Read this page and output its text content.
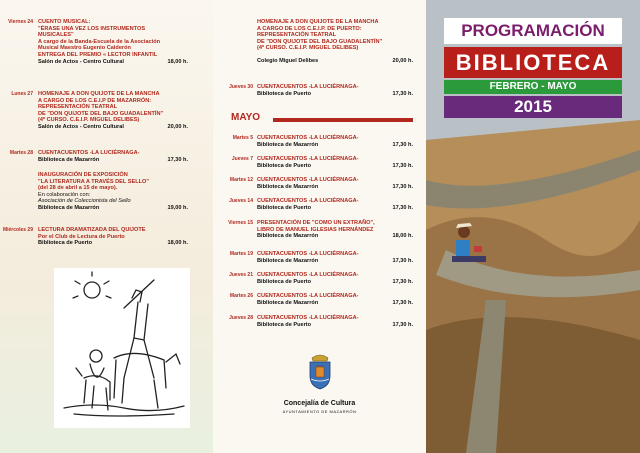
Viernes 24 CUENTO MUSICAL:
"ÉRASE UNA VEZ LOS INSTRUMENTOS
MUSICALES"
A cargo de la Banda-Escuela de la Asociación
Musical Maestro Eugenio Calderón
ENTREGA DEL PREMIO « LECTOR INFANTIL
Salón de Actos - Centro Cultural	18,00 h.
Lunes 27 HOMENAJE A DON QUIJOTE DE LA MANCHA
A CARGO DE LOS C.E.I.P DE MAZARRÓN:
REPRESENTACIÓN TEATRAL
DE "DON QUIJOTE DEL BAJO GUADALENTÍN"
(4º CURSO. C.E.I.P. MIGUEL DELIBES)
Salón de Actos - Centro Cultural	20,00 h.
Martes 28 CUENTACUENTOS -LA LUCIÉRNAGA-
Biblioteca de Mazarrón	17,30 h.
INAUGURACIÓN DE EXPOSICIÓN
"LA LITERATURA A TRAVÉS DEL SELLO"
(del 28 de abril a 15 de mayo).
En colaboración con:
Asociación de Coleccionista del Sello
Biblioteca de Mazarrón	19,00 h.
Miércoles 29 LECTURA DRAMATIZADA DEL QUIJOTE
Por el Club de Lectura de Puerto
Biblioteca de Puerto	18,00 h.
HOMENAJE A DON QUIJOTE DE LA MANCHA
A CARGO DE LOS C.E.I.P. DE PUERTO:
REPRESENTACIÓN TEATRAL
DE "DON QUIJOTE DEL BAJO GUADALENTÍN"
(4º CURSO. C.E.I.P. MIGUEL DELIBES)
Colegio Miguel Delibes	20,00 h.
Jueves 30 CUENTACUENTOS -LA LUCIÉRNAGA-
Biblioteca de Puerto	17,30 h.
Martes 5 CUENTACUENTOS -LA LUCIÉRNAGA-
Biblioteca de Mazarrón	17,30 h.
Jueves 7 CUENTACUENTOS -LA LUCIÉRNAGA-
Biblioteca de Puerto	17,30 h.
Martes 12 CUENTACUENTOS -LA LUCIÉRNAGA-
Biblioteca de Mazarrón	17,30 h.
Jueves 14 CUENTACUENTOS -LA LUCIÉRNAGA-
Biblioteca de Puerto	17,30 h.
Viernes 15 PRESENTACIÓN DE "COMO UN EXTRAÑO",
LIBRO DE MANUEL IGLESIAS HERNÁNDEZ
Biblioteca de Mazarrón	18,00 h.
Martes 19 CUENTACUENTOS -LA LUCIÉRNAGA-
Biblioteca de Mazarrón	17,30 h.
Jueves 21 CUENTACUENTOS -LA LUCIÉRNAGA-
Biblioteca de Puerto	17,30 h.
Martes 26 CUENTACUENTOS -LA LUCIÉRNAGA-
Biblioteca de Mazarrón	17,30 h.
Jueves 28 CUENTACUENTOS -LA LUCIÉRNAGA-
Biblioteca de Puerto	17,30 h.
MAYO
Concejalía de Cultura
AYUNTAMIENTO DE MAZARRÓN
PROGRAMACIÓN
BIBLIOTECA
FEBRERO - MAYO
2015
